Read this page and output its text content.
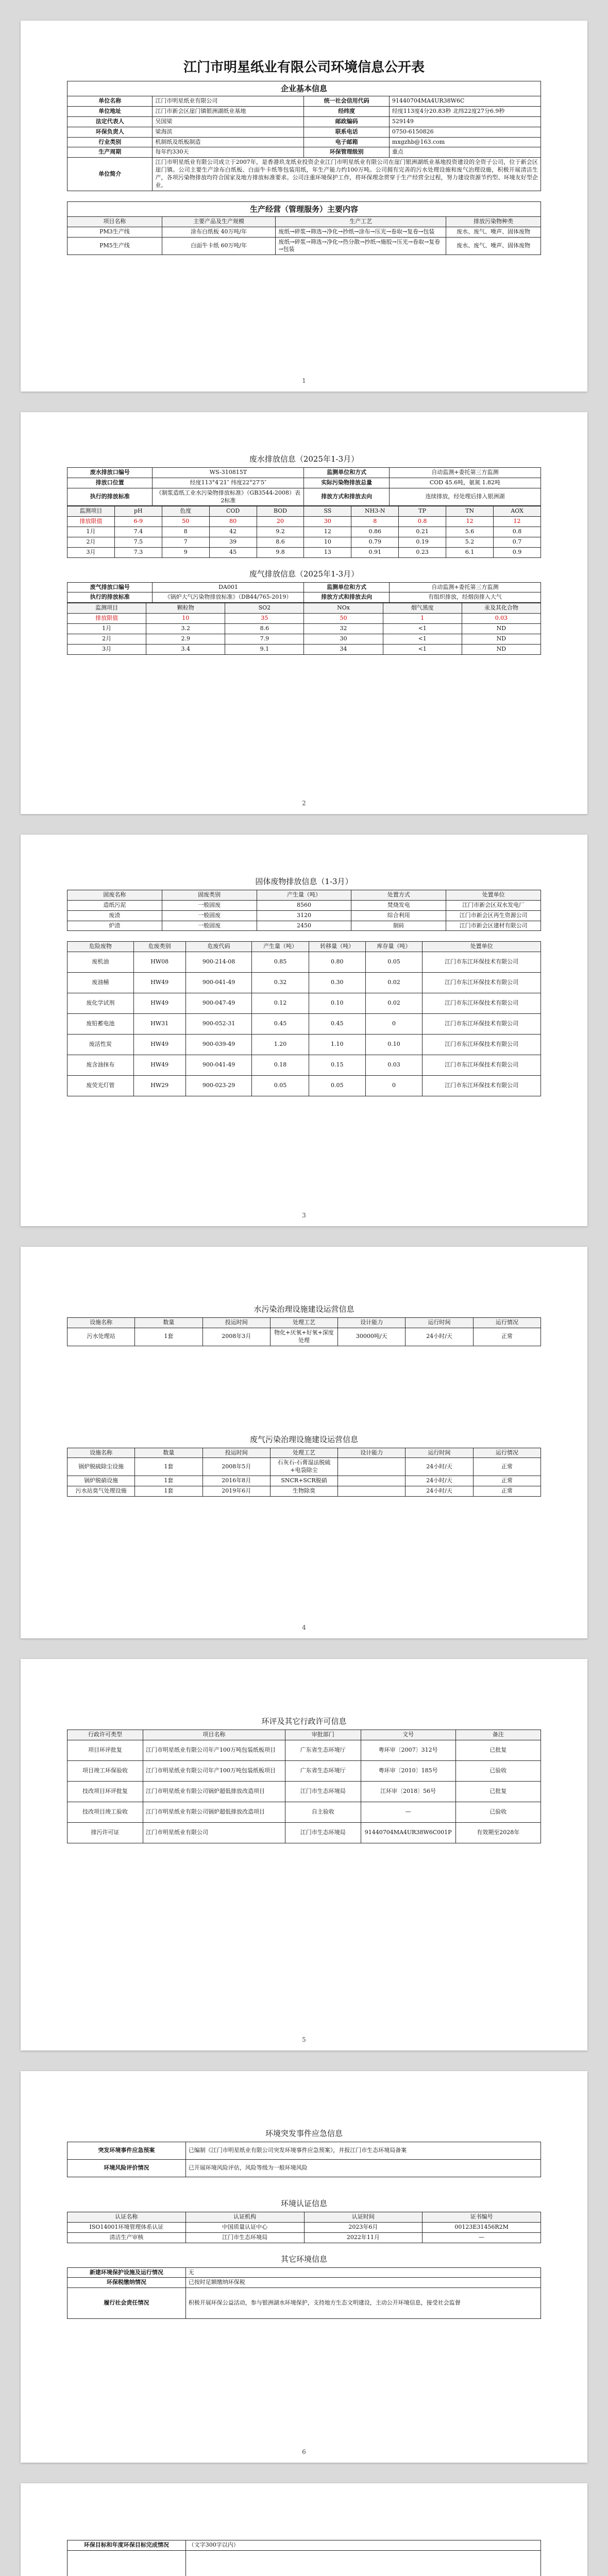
江门市明星纸业有限公司环境信息公开表
企业基本信息			
单位名称	江门市明星纸业有限公司	统一社会信用代码	91440704MA4UR38W6C
单位地址	江门市新会区崖门镇银洲湖纸业基地	经纬度	经度113度4分20.83秒 北纬22度27分6.9秒
法定代表人	吴国梁	邮政编码	529149
环保负责人	梁海滨	联系电话	0750-6150826
行业类别	机制纸及纸板制造	电子邮箱	mxgzhb@163.com
生产周期	每年约330天	环保管理级别	重点
单位简介	江门市明星纸业有限公司成立于2007年，是香港玖龙纸业投资企业江门市明星纸业有限公司在崖门银洲湖纸业基地投资建设的全资子公司，位于新会区崖门镇。公司主要生产涂布白纸板、白面牛卡纸等包装用纸，年生产能力约100万吨。公司拥有完善的污水处理设施和废气治理设施，积极开展清洁生产，各项污染物排放均符合国家及地方排放标准要求。公司注重环境保护工作，将环保理念贯穿于生产经营全过程，努力建设资源节约型、环境友好型企业。		
生产经营（管理服务）主要内容			
项目名称	主要产品及生产规模	生产工艺	排放污染物种类
PM3生产线	涂布白纸板 40万吨/年	废纸→碎浆→筛选→净化→抄纸→涂布→压光→卷取→复卷→包装	废水、废气、噪声、固体废物
PM5生产线	白面牛卡纸 60万吨/年	废纸→碎浆→筛选→净化→热分散→抄纸→施胶→压光→卷取→复卷→包装	废水、废气、噪声、固体废物
1
废水排放信息（2025年1-3月）
废水排放口编号	WS-310815T	监测单位和方式	自动监测+委托第三方监测
排放口位置	经度113°4′21″ 纬度22°27′5″	实际污染物排放总量	COD 45.6吨，氨氮 1.82吨
执行的排放标准	《制浆造纸工业水污染物排放标准》（GB3544-2008）表2标准	排放方式和排放去向	连续排放，经处理后排入银洲湖
监测项目	pH	色度	COD	BOD	SS	NH3-N	TP	TN	AOX
排放限值	6-9	50	80	20	30	8	0.8	12	12
1月	7.4	8	42	9.2	12	0.86	0.21	5.6	0.8
2月	7.5	7	39	8.6	10	0.79	0.19	5.2	0.7
3月	7.3	9	45	9.8	13	0.91	0.23	6.1	0.9
废气排放信息（2025年1-3月）
废气排放口编号	DA001	监测单位和方式	自动监测+委托第三方监测
执行的排放标准	《锅炉大气污染物排放标准》（DB44/765-2019）	排放方式和排放去向	有组织排放，经烟囱排入大气
监测项目	颗粒物	SO2	NOx	烟气黑度	汞及其化合物
排放限值	10	35	50	1	0.03
1月	3.2	8.6	32	<1	ND
2月	2.9	7.9	30	<1	ND
3月	3.4	9.1	34	<1	ND
2
固体废物排放信息（1-3月）
固废名称	固废类别	产生量（吨）	处置方式	处置单位
造纸污泥	一般固废	8560	焚烧发电	江门市新会区双水发电厂
废渣	一般固废	3120	综合利用	江门市新会区再生资源公司
炉渣	一般固废	2450	制砖	江门市新会区建材有限公司
危险废物	危废类别	危废代码	产生量（吨）	转移量（吨）	库存量（吨）	处置单位
废机油	HW08	900-214-08	0.85	0.80	0.05	江门市东江环保技术有限公司
废油桶	HW49	900-041-49	0.32	0.30	0.02	江门市东江环保技术有限公司
废化学试剂	HW49	900-047-49	0.12	0.10	0.02	江门市东江环保技术有限公司
废铅蓄电池	HW31	900-052-31	0.45	0.45	0	江门市东江环保技术有限公司
废活性炭	HW49	900-039-49	1.20	1.10	0.10	江门市东江环保技术有限公司
废含油抹布	HW49	900-041-49	0.18	0.15	0.03	江门市东江环保技术有限公司
废荧光灯管	HW29	900-023-29	0.05	0.05	0	江门市东江环保技术有限公司
3
水污染治理设施建设运营信息
设施名称	数量	投运时间	处理工艺	设计能力	运行时间	运行情况
污水处理站	1套	2008年3月	物化+厌氧+好氧+深度处理	30000吨/天	24小时/天	正常
废气污染治理设施建设运营信息
设施名称	数量	投运时间	处理工艺	设计能力	运行时间	运行情况
锅炉脱硫除尘设施	1套	2008年5月	石灰石-石膏湿法脱硫+电袋除尘		24小时/天	正常
锅炉脱硝设施	1套	2016年8月	SNCR+SCR脱硝		24小时/天	正常
污水站臭气处理设施	1套	2019年6月	生物除臭		24小时/天	正常
4
环评及其它行政许可信息
行政许可类型	项目名称	审批部门	文号	备注
项目环评批复	江门市明星纸业有限公司年产100万吨包装纸板项目	广东省生态环境厅	粤环审〔2007〕312号	已批复
项目竣工环保验收	江门市明星纸业有限公司年产100万吨包装纸板项目	广东省生态环境厅	粤环审〔2010〕185号	已验收
技改项目环评批复	江门市明星纸业有限公司锅炉超低排放改造项目	江门市生态环境局	江环审〔2018〕56号	已批复
技改项目竣工验收	江门市明星纸业有限公司锅炉超低排放改造项目	自主验收	—	已验收
排污许可证	江门市明星纸业有限公司	江门市生态环境局	91440704MA4UR38W6C001P	有效期至2028年
5
环境突发事件应急信息
突发环境事件应急预案	已编制《江门市明星纸业有限公司突发环境事件应急预案》，并报江门市生态环境局备案
环境风险评价情况	已开展环境风险评估，风险等级为一般环境风险
环境认证信息
认证名称	认证机构	认证时间	证书编号
ISO14001环境管理体系认证	中国质量认证中心	2023年6月	00123E31456R2M
清洁生产审核	江门市生态环境局	2022年11月	—
其它环境信息
新建环境保护设施及运行情况	无
环保税缴纳情况	已按时足额缴纳环保税
履行社会责任情况	积极开展环保公益活动，参与银洲湖水环境保护，支持地方生态文明建设，主动公开环境信息，接受社会监督
6
环保目标和年度环保目标完成情况	（文字300字以内）
